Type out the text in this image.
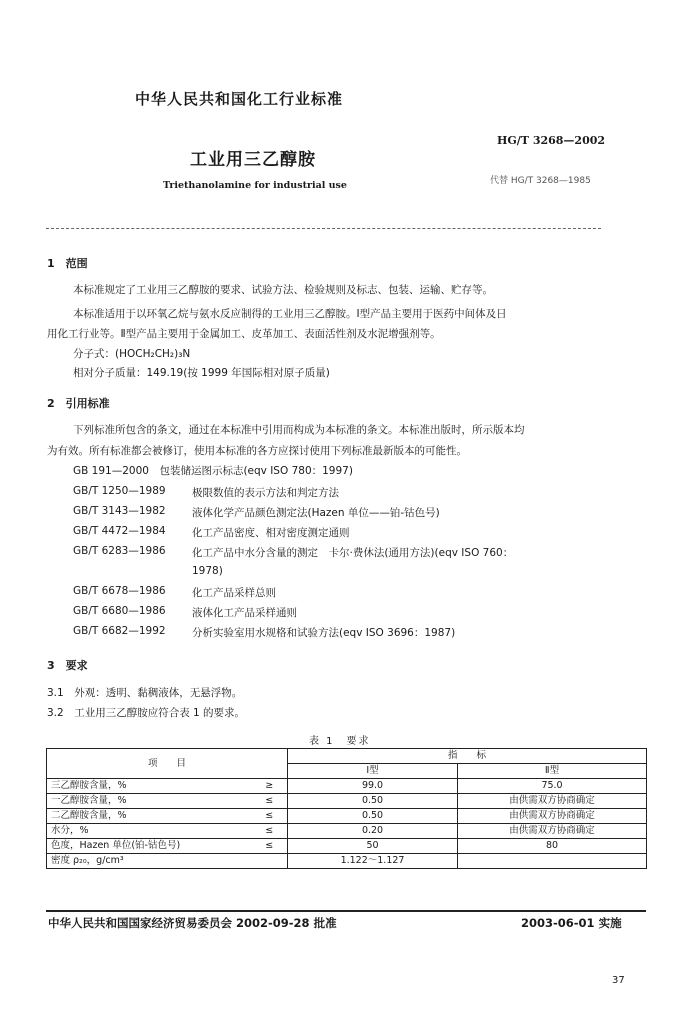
中华人民共和国化工行业标准
HG/T 3268—2002
工业用三乙醇胺
代替 HG/T 3268—1985
Triethanolamine for industrial use
1　范围
本标准规定了工业用三乙醇胺的要求、试验方法、检验规则及标志、包装、运输、贮存等。
本标准适用于以环氧乙烷与氨水反应制得的工业用三乙醇胺。Ⅰ型产品主要用于医药中间体及日
用化工行业等。Ⅱ型产品主要用于金属加工、皮革加工、表面活性剂及水泥增强剂等。
分子式：(HOCH₂CH₂)₃N
相对分子质量：149.19(按 1999 年国际相对原子质量)
2　引用标准
下列标准所包含的条文，通过在本标准中引用而构成为本标准的条文。本标准出版时，所示版本均
为有效。所有标准都会被修订，使用本标准的各方应探讨使用下列标准最新版本的可能性。
GB 191—2000　包装储运图示标志(eqv ISO 780：1997)
GB/T 1250—1989	极限数值的表示方法和判定方法
GB/T 3143—1982	液体化学产品颜色测定法(Hazen 单位——铂-钴色号)
GB/T 4472—1984	化工产品密度、相对密度测定通则
GB/T 6283—1986	化工产品中水分含量的测定　卡尔·费休法(通用方法)(eqv ISO 760：
1978)
GB/T 6678—1986	化工产品采样总则
GB/T 6680—1986	液体化工产品采样通则
GB/T 6682—1992	分析实验室用水规格和试验方法(eqv ISO 3696：1987)
3　要求
3.1　外观：透明、黏稠液体，无悬浮物。
3.2　工业用三乙醇胺应符合表 1 的要求。
表 1　要求
项　　目		指　　标	
		Ⅰ型	Ⅱ型
三乙醇胺含量，%	≥	99.0	75.0
一乙醇胺含量，%	≤	0.50	由供需双方协商确定
二乙醇胺含量，%	≤	0.50	由供需双方协商确定
水分，%	≤	0.20	由供需双方协商确定
色度，Hazen 单位(铂-钴色号)	≤	50	80
密度 ρ₂₀，g/cm³		1.122～1.127	
中华人民共和国国家经济贸易委员会 2002-09-28 批准	2003-06-01 实施
37
